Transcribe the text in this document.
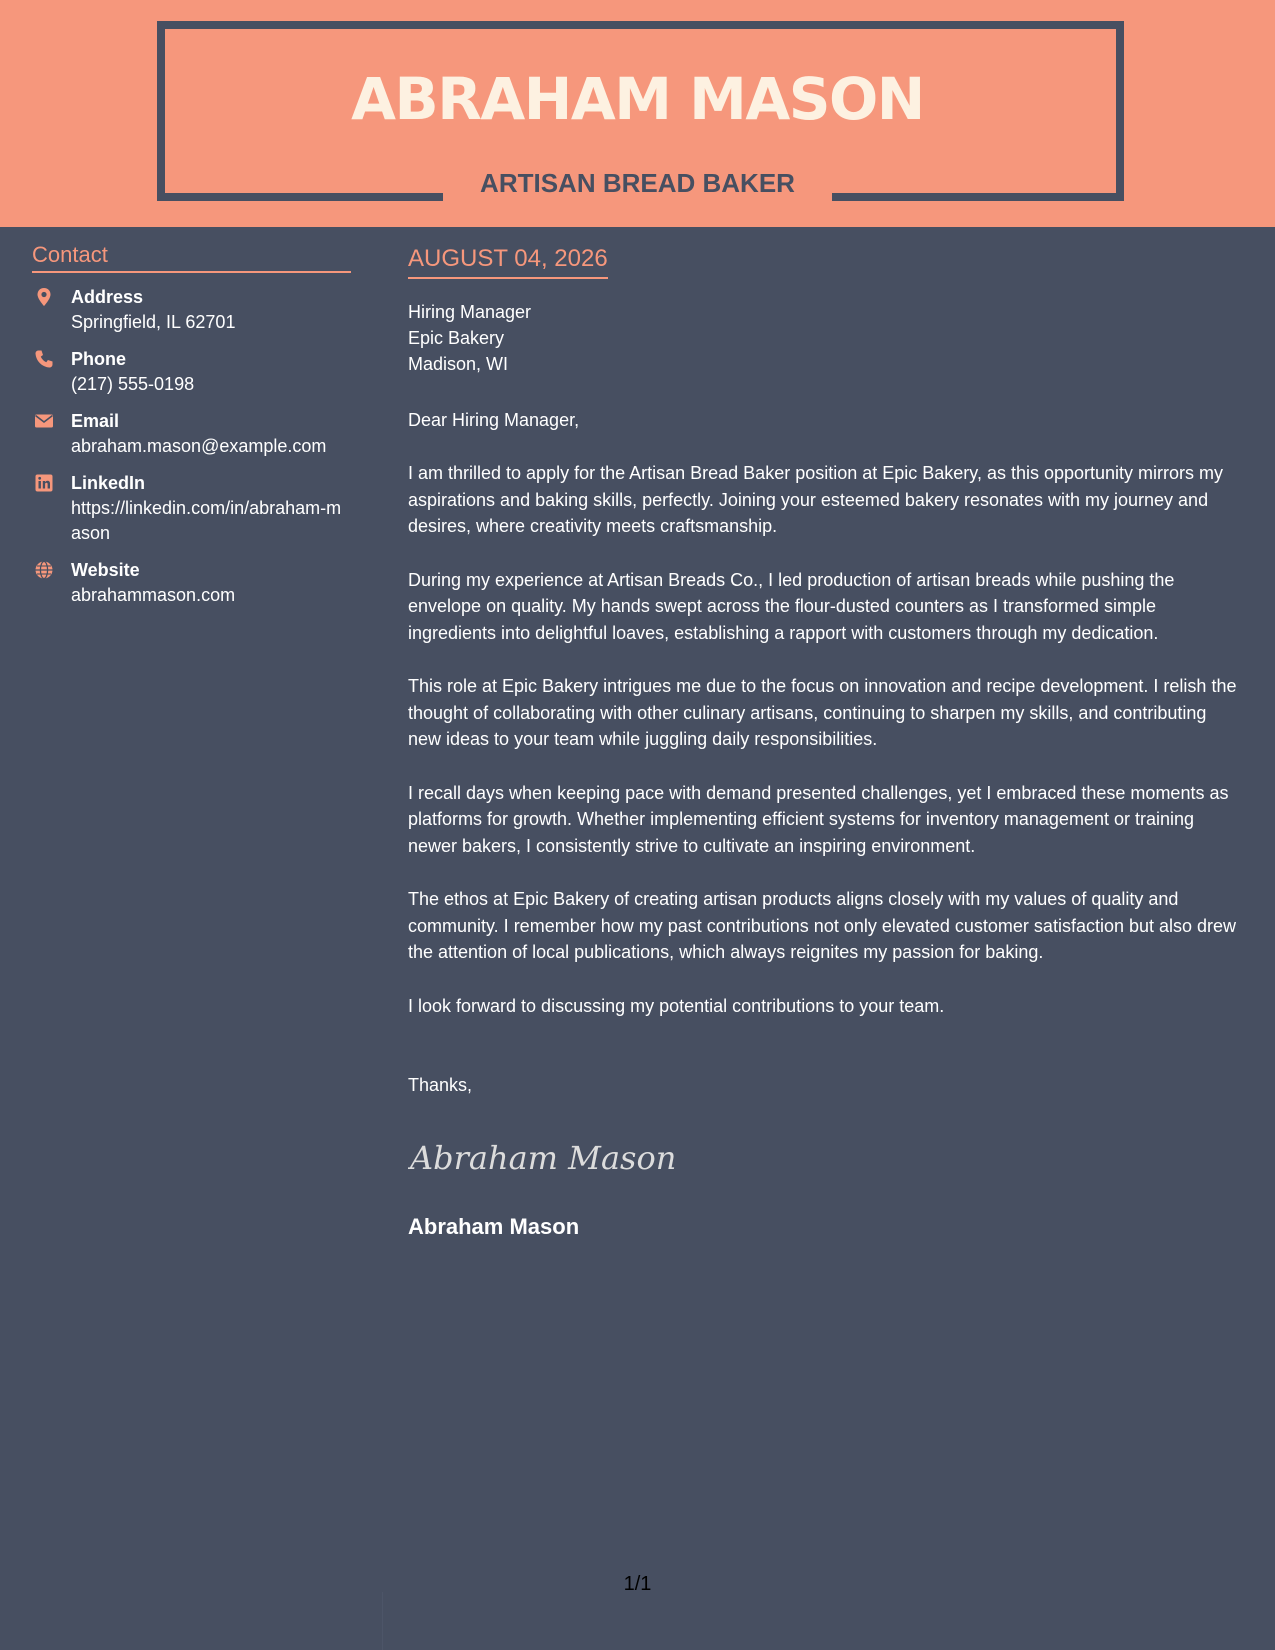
ABRAHAM MASON
ARTISAN BREAD BAKER
Contact
Address
Springfield, IL 62701
Phone
(217) 555-0198
Email
abraham.mason@example.com
LinkedIn
https://linkedin.com/in/abraham-mason
Website
abrahammason.com
AUGUST 04, 2026
Hiring Manager
Epic Bakery
Madison, WI
Dear Hiring Manager,
I am thrilled to apply for the Artisan Bread Baker position at Epic Bakery, as this opportunity mirrors my aspirations and baking skills, perfectly. Joining your esteemed bakery resonates with my journey and desires, where creativity meets craftsmanship.
During my experience at Artisan Breads Co., I led production of artisan breads while pushing the envelope on quality. My hands swept across the flour-dusted counters as I transformed simple ingredients into delightful loaves, establishing a rapport with customers through my dedication.
This role at Epic Bakery intrigues me due to the focus on innovation and recipe development. I relish the thought of collaborating with other culinary artisans, continuing to sharpen my skills, and contributing new ideas to your team while juggling daily responsibilities.
I recall days when keeping pace with demand presented challenges, yet I embraced these moments as platforms for growth. Whether implementing efficient systems for inventory management or training newer bakers, I consistently strive to cultivate an inspiring environment.
The ethos at Epic Bakery of creating artisan products aligns closely with my values of quality and community. I remember how my past contributions not only elevated customer satisfaction but also drew the attention of local publications, which always reignites my passion for baking.
I look forward to discussing my potential contributions to your team.
Thanks,
Abraham Mason
Abraham Mason
1/1
